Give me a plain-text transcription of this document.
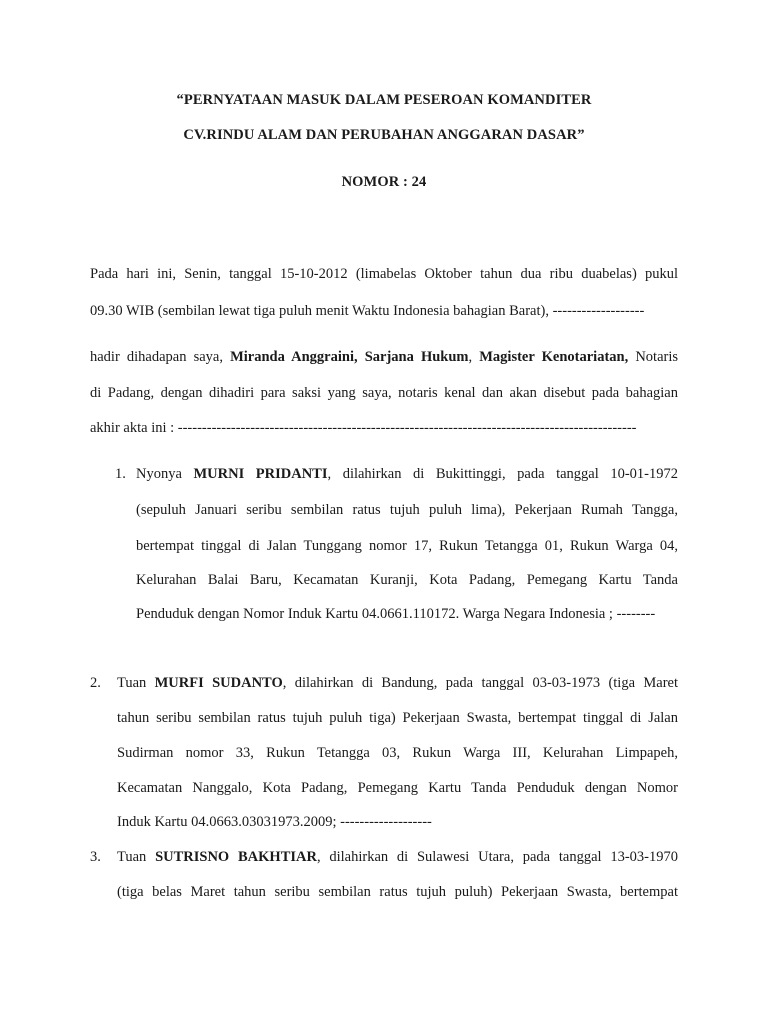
“PERNYATAAN MASUK DALAM PESEROAN KOMANDITER
CV.RINDU ALAM DAN PERUBAHAN ANGGARAN DASAR”
NOMOR : 24
Pada hari ini, Senin, tanggal 15-10-2012 (limabelas Oktober tahun dua ribu duabelas) pukul
09.30 WIB (sembilan lewat tiga puluh menit Waktu Indonesia bahagian Barat), -------------------
hadir dihadapan saya, Miranda Anggraini, Sarjana Hukum, Magister Kenotariatan, Notaris
di Padang, dengan dihadiri para saksi yang saya, notaris kenal dan akan disebut pada bahagian
akhir akta ini : -----------------------------------------------------------------------------------------------
1. Nyonya MURNI PRIDANTI, dilahirkan di Bukittinggi, pada tanggal 10-01-1972
(sepuluh Januari seribu sembilan ratus tujuh puluh lima), Pekerjaan Rumah Tangga,
bertempat tinggal di Jalan Tunggang nomor 17, Rukun Tetangga 01, Rukun Warga 04,
Kelurahan Balai Baru, Kecamatan Kuranji, Kota Padang, Pemegang Kartu Tanda
Penduduk dengan Nomor Induk Kartu 04.0661.110172. Warga Negara Indonesia ; --------
2. Tuan MURFI SUDANTO, dilahirkan di Bandung, pada tanggal 03-03-1973 (tiga Maret
tahun seribu sembilan ratus tujuh puluh tiga) Pekerjaan Swasta, bertempat tinggal di Jalan
Sudirman nomor 33, Rukun Tetangga 03, Rukun Warga III, Kelurahan Limpapeh,
Kecamatan Nanggalo, Kota Padang, Pemegang Kartu Tanda Penduduk dengan Nomor
Induk Kartu 04.0663.03031973.2009; -------------------
3. Tuan SUTRISNO BAKHTIAR, dilahirkan di Sulawesi Utara, pada tanggal 13-03-1970
(tiga belas Maret tahun seribu sembilan ratus tujuh puluh) Pekerjaan Swasta, bertempat
